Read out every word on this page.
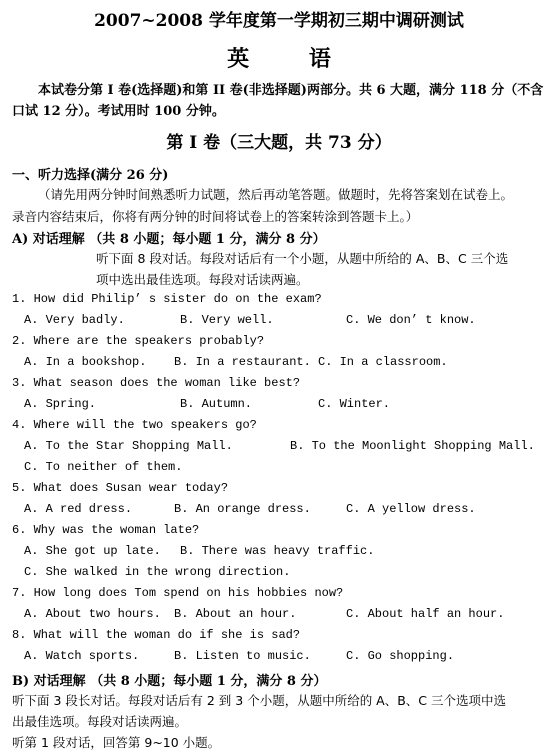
2007~2008 学年度第一学期初三期中调研测试
英 语
本试卷分第 I 卷(选择题)和第 II 卷(非选择题)两部分。共 6 大题，满分 118 分（不含口试 12 分）。考试用时 100 分钟。
第 I 卷（三大题，共 73 分）
一、听力选择(满分 26 分)
（请先用两分钟时间熟悉听力试题，然后再动笔答题。做题时，先将答案划在试卷上。
录音内容结束后，你将有两分钟的时间将试卷上的答案转涂到答题卡上。）
A) 对话理解 （共 8 小题；每小题 1 分，满分 8 分）
听下面 8 段对话。每段对话后有一个小题，从题中所给的 A、B、C 三个选
项中选出最佳选项。每段对话读两遍。
1. How did Philip’ s sister do on the exam?
A. Very badly.	B. Very well.	C. We don’ t know.
2. Where are the speakers probably?
A. In a bookshop. B. In a restaurant. C. In a classroom.
3. What season does the woman like best?
A. Spring.	B. Autumn.	C. Winter.
4. Where will the two speakers go?
A. To the Star Shopping Mall.	B. To the Moonlight Shopping Mall.
C. To neither of them.
5. What does Susan wear today?
A. A red dress.	B. An orange dress.	C. A yellow dress.
6. Why was the woman late?
A. She got up late. B. There was heavy traffic.
C. She walked in the wrong direction.
7. How long does Tom spend on his hobbies now?
A. About two hours. B. About an hour.	C. About half an hour.
8. What will the woman do if she is sad?
A. Watch sports.	B. Listen to music.	C. Go shopping.
B) 对话理解 （共 8 小题；每小题 1 分，满分 8 分）
听下面 3 段长对话。每段对话后有 2 到 3 个小题，从题中所给的 A、B、C 三个选项中选
出最佳选项。每段对话读两遍。
听第 1 段对话，回答第 9~10 小题。
